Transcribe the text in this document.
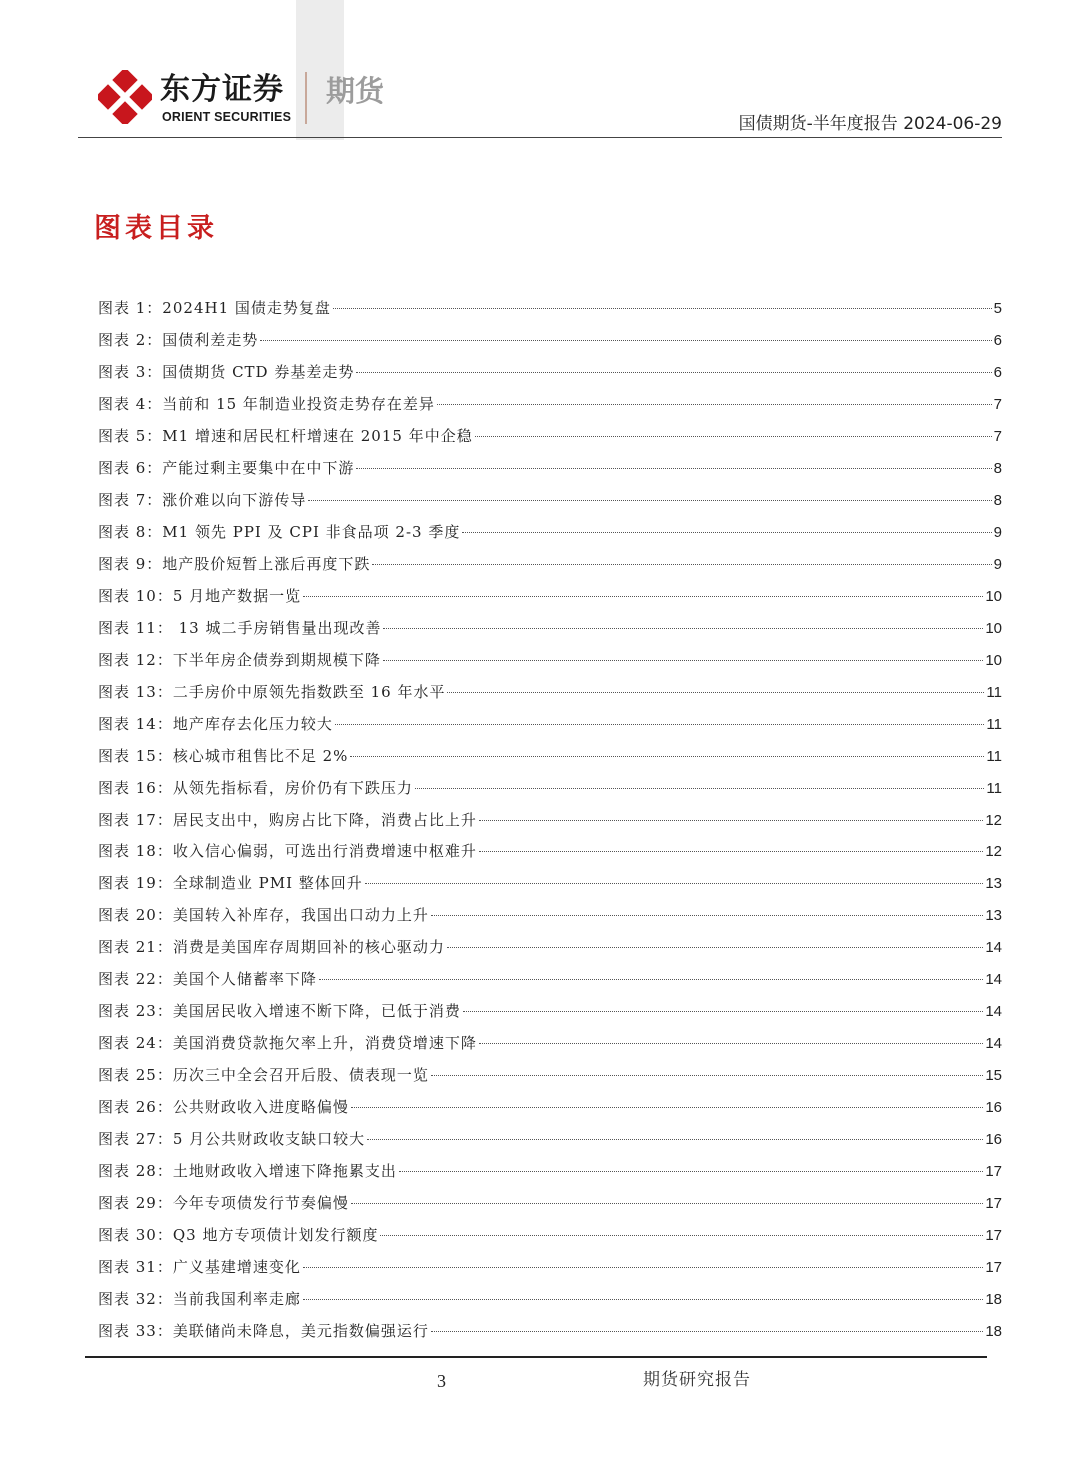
东方证券
ORIENT SECURITIES
期货
国债期货-半年度报告 2024-06-29
图表目录
图表 1：2024H1 国债走势复盘	5
图表 2：国债利差走势	6
图表 3：国债期货 CTD 券基差走势	6
图表 4：当前和 15 年制造业投资走势存在差异	7
图表 5：M1 增速和居民杠杆增速在 2015 年中企稳	7
图表 6：产能过剩主要集中在中下游	8
图表 7：涨价难以向下游传导	8
图表 8：M1 领先 PPI 及 CPI 非食品项 2-3 季度	9
图表 9：地产股价短暂上涨后再度下跌	9
图表 10：5 月地产数据一览	10
图表 11： 13 城二手房销售量出现改善	10
图表 12：下半年房企债券到期规模下降	10
图表 13：二手房价中原领先指数跌至 16 年水平	11
图表 14：地产库存去化压力较大	11
图表 15：核心城市租售比不足 2%	11
图表 16：从领先指标看，房价仍有下跌压力	11
图表 17：居民支出中，购房占比下降，消费占比上升	12
图表 18：收入信心偏弱，可选出行消费增速中枢难升	12
图表 19：全球制造业 PMI 整体回升	13
图表 20：美国转入补库存，我国出口动力上升	13
图表 21：消费是美国库存周期回补的核心驱动力	14
图表 22：美国个人储蓄率下降	14
图表 23：美国居民收入增速不断下降，已低于消费	14
图表 24：美国消费贷款拖欠率上升，消费贷增速下降	14
图表 25：历次三中全会召开后股、债表现一览	15
图表 26：公共财政收入进度略偏慢	16
图表 27：5 月公共财政收支缺口较大	16
图表 28：土地财政收入增速下降拖累支出	17
图表 29：今年专项债发行节奏偏慢	17
图表 30：Q3 地方专项债计划发行额度	17
图表 31：广义基建增速变化	17
图表 32：当前我国利率走廊	18
图表 33：美联储尚未降息，美元指数偏强运行	18
3	期货研究报告
